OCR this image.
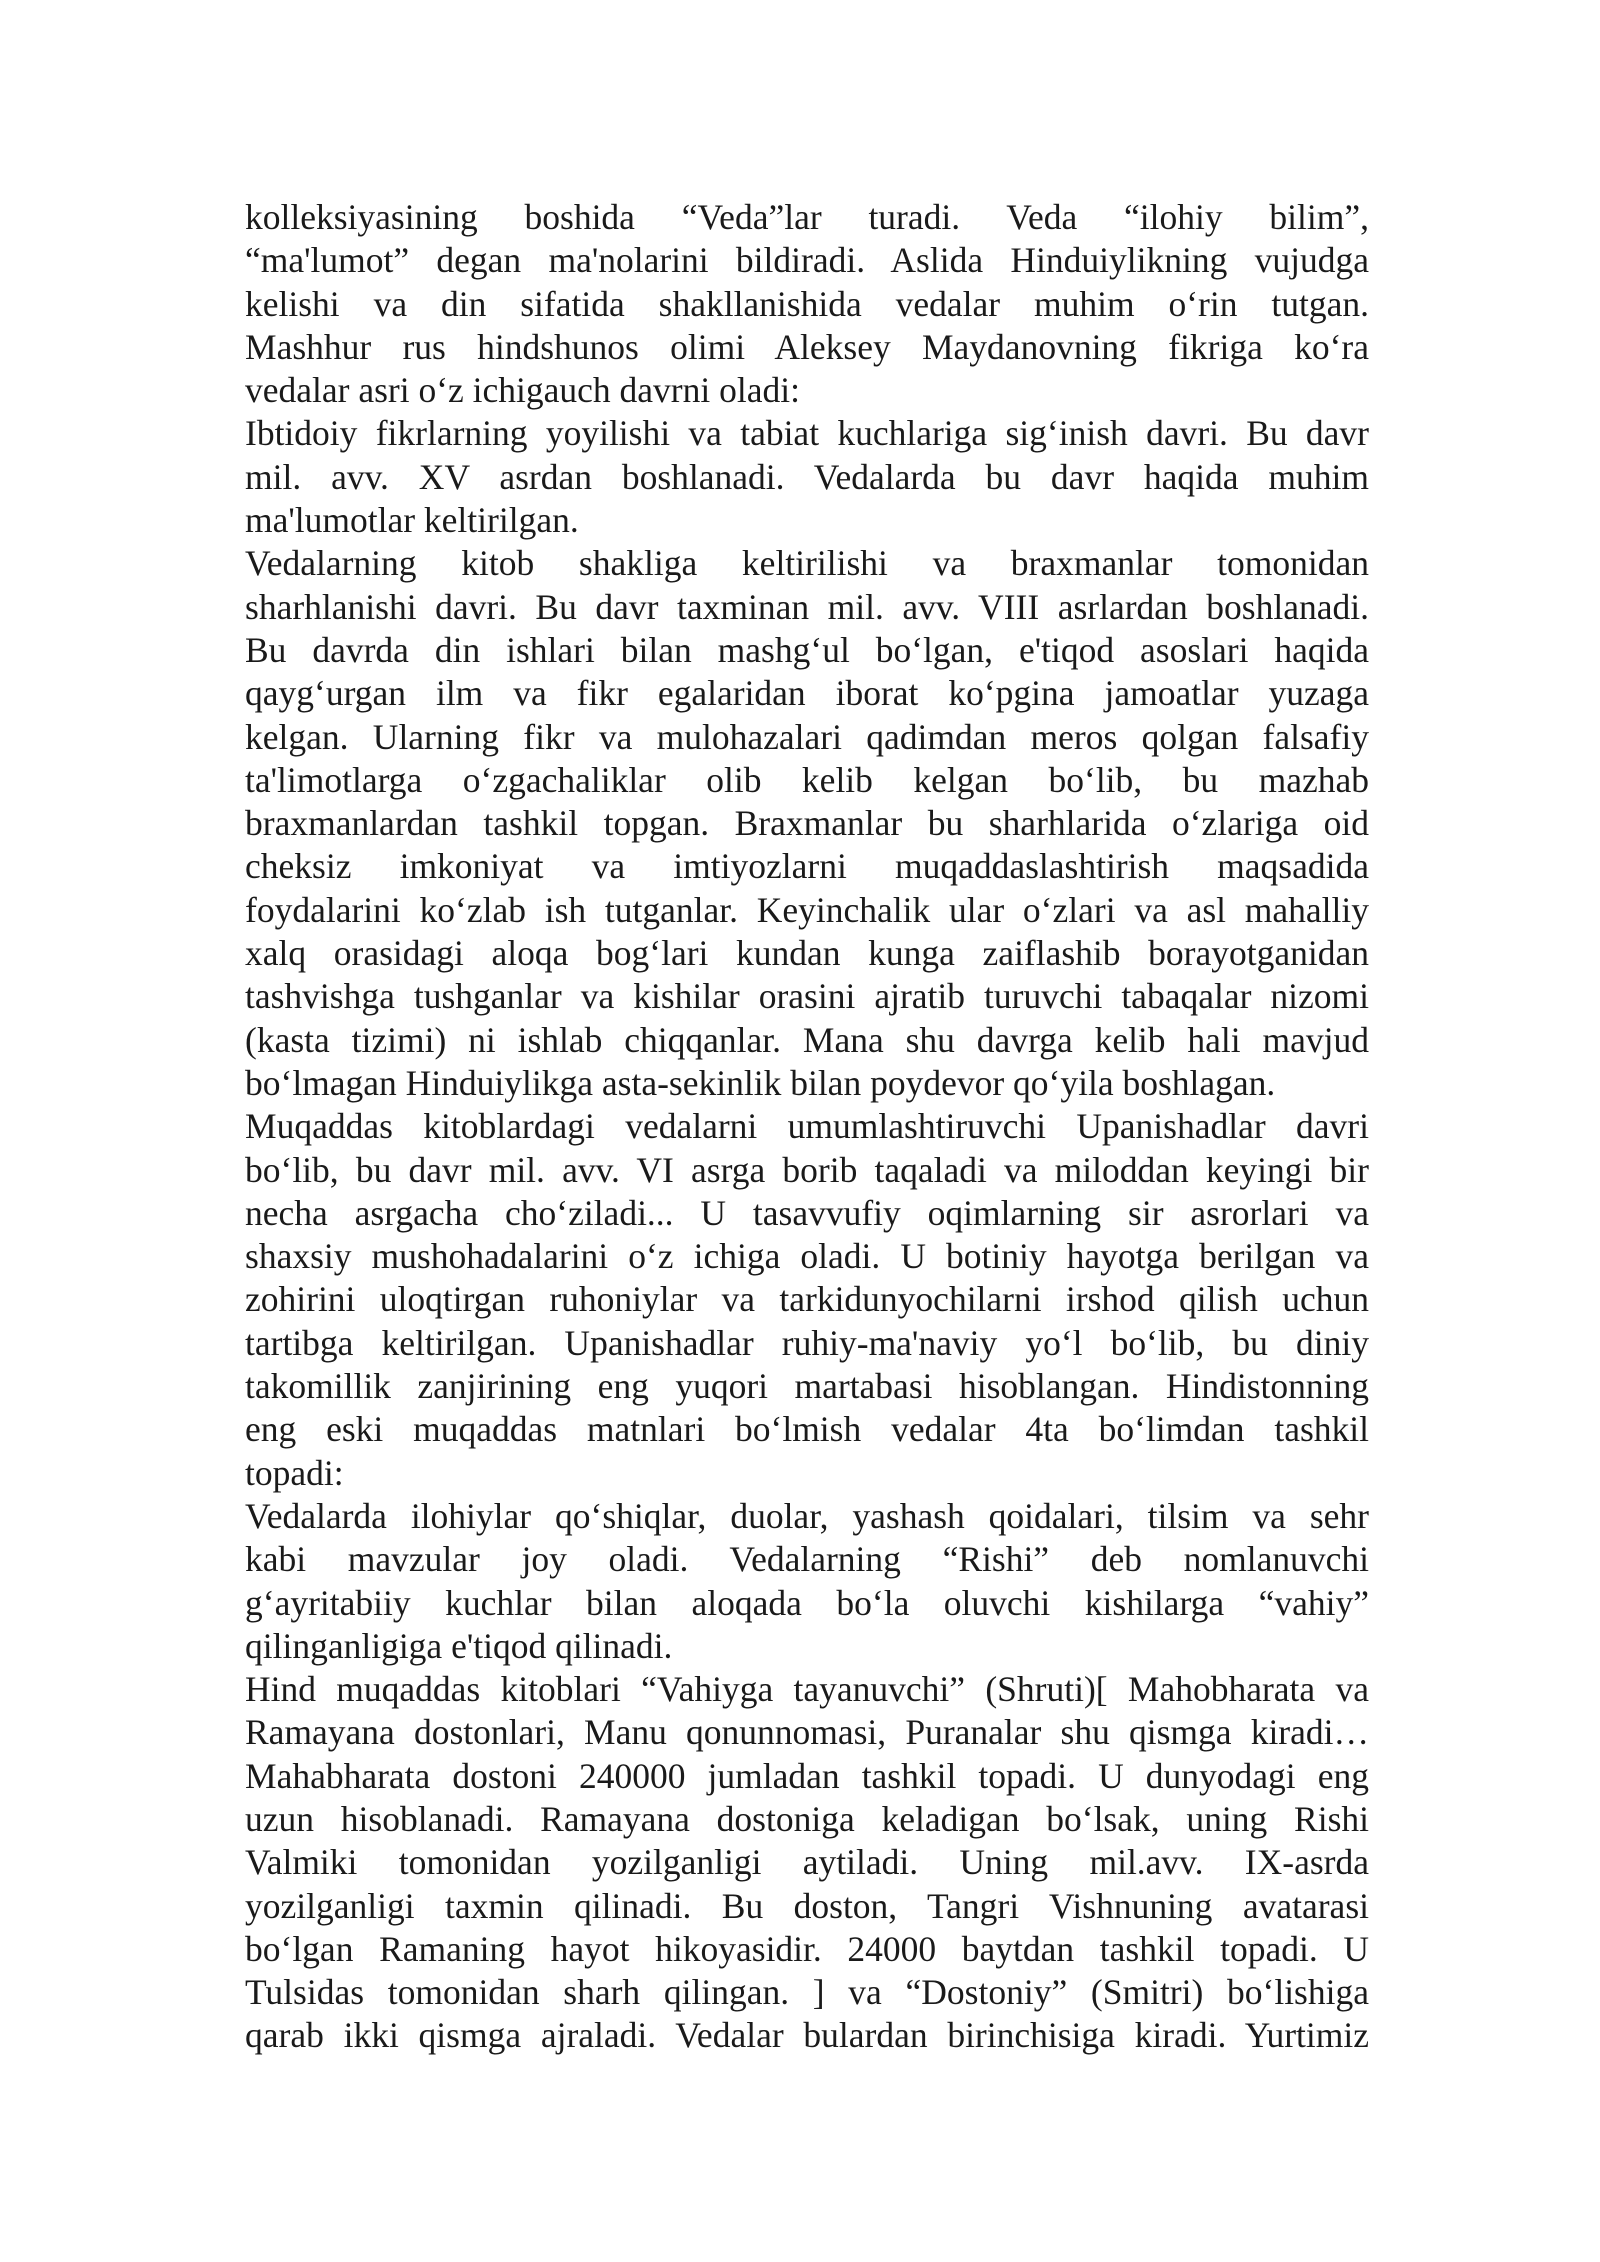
kolleksiyasining boshida “Veda”lar turadi. Veda “ilohiy bilim”,
“ma'lumot” degan ma'nolarini bildiradi. Aslida Hinduiylikning vujudga
kelishi va din sifatida shakllanishida vedalar muhim o‘rin tutgan.
Mashhur rus hindshunos olimi Aleksey Maydanovning fikriga ko‘ra
vedalar asri o‘z ichigauch davrni oladi:
Ibtidoiy fikrlarning yoyilishi va tabiat kuchlariga sig‘inish davri. Bu davr
mil. avv. XV asrdan boshlanadi. Vedalarda bu davr haqida muhim
ma'lumotlar keltirilgan.
Vedalarning kitob shakliga keltirilishi va braxmanlar tomonidan
sharhlanishi davri. Bu davr taxminan mil. avv. VIII asrlardan boshlanadi.
Bu davrda din ishlari bilan mashg‘ul bo‘lgan, e'tiqod asoslari haqida
qayg‘urgan ilm va fikr egalaridan iborat ko‘pgina jamoatlar yuzaga
kelgan. Ularning fikr va mulohazalari qadimdan meros qolgan falsafiy
ta'limotlarga o‘zgachaliklar olib kelib kelgan bo‘lib, bu mazhab
braxmanlardan tashkil topgan. Braxmanlar bu sharhlarida o‘zlariga oid
cheksiz imkoniyat va imtiyozlarni muqaddaslashtirish maqsadida
foydalarini ko‘zlab ish tutganlar. Keyinchalik ular o‘zlari va asl mahalliy
xalq orasidagi aloqa bog‘lari kundan kunga zaiflashib borayotganidan
tashvishga tushganlar va kishilar orasini ajratib turuvchi tabaqalar nizomi
(kasta tizimi) ni ishlab chiqqanlar. Mana shu davrga kelib hali mavjud
bo‘lmagan Hinduiylikga asta-sekinlik bilan poydevor qo‘yila boshlagan.
Muqaddas kitoblardagi vedalarni umumlashtiruvchi Upanishadlar davri
bo‘lib, bu davr mil. avv. VI asrga borib taqaladi va miloddan keyingi bir
necha asrgacha cho‘ziladi... U tasavvufiy oqimlarning sir asrorlari va
shaxsiy mushohadalarini o‘z ichiga oladi. U botiniy hayotga berilgan va
zohirini uloqtirgan ruhoniylar va tarkidunyochilarni irshod qilish uchun
tartibga keltirilgan. Upanishadlar ruhiy-ma'naviy yo‘l bo‘lib, bu diniy
takomillik zanjirining eng yuqori martabasi hisoblangan. Hindistonning
eng eski muqaddas matnlari bo‘lmish vedalar 4ta bo‘limdan tashkil
topadi:
Vedalarda ilohiylar qo‘shiqlar, duolar, yashash qoidalari, tilsim va sehr
kabi mavzular joy oladi. Vedalarning “Rishi” deb nomlanuvchi
g‘ayritabiiy kuchlar bilan aloqada bo‘la oluvchi kishilarga “vahiy”
qilinganligiga e'tiqod qilinadi.
Hind muqaddas kitoblari “Vahiyga tayanuvchi” (Shruti)[ Mahobharata va
Ramayana dostonlari, Manu qonunnomasi, Puranalar shu qismga kiradi…
Mahabharata dostoni 240000 jumladan tashkil topadi. U dunyodagi eng
uzun hisoblanadi. Ramayana dostoniga keladigan bo‘lsak, uning Rishi
Valmiki tomonidan yozilganligi aytiladi. Uning mil.avv. IX-asrda
yozilganligi taxmin qilinadi. Bu doston, Tangri Vishnuning avatarasi
bo‘lgan Ramaning hayot hikoyasidir. 24000 baytdan tashkil topadi. U
Tulsidas tomonidan sharh qilingan. ] va “Dostoniy” (Smitri) bo‘lishiga
qarab ikki qismga ajraladi. Vedalar bulardan birinchisiga kiradi. Yurtimiz
